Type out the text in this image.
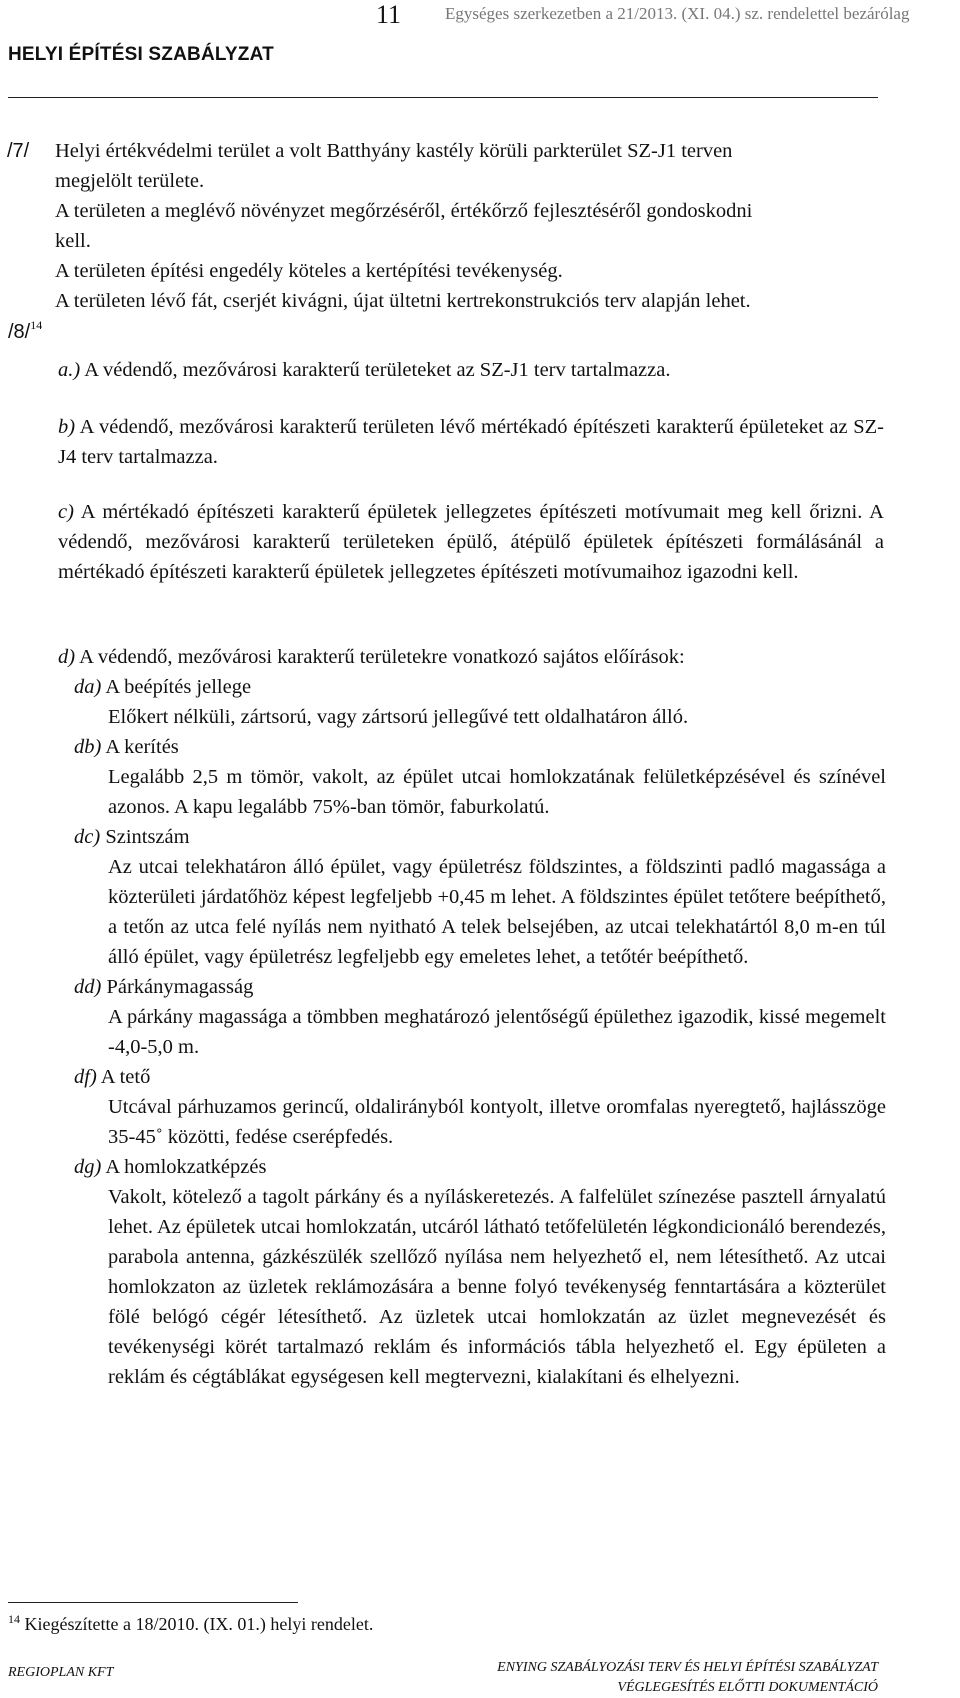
11	Egységes szerkezetben a 21/2013. (XI. 04.) sz. rendelettel bezárólag
HELYI ÉPÍTÉSI SZABÁLYZAT
/7/ Helyi értékvédelmi terület a volt Batthyány kastély körüli parkterület SZ-J1 terven
megjelölt területe.
A területen a meglévő növényzet megőrzéséről, értékőrző fejlesztéséről gondoskodni
kell.
A területen építési engedély köteles a kertépítési tevékenység.
A területen lévő fát, cserjét kivágni, újat ültetni kertrekonstrukciós terv alapján lehet.
/8/$^{14}$
a.) A védendő, mezővárosi karakterű területeket az SZ-J1 terv tartalmazza.
b) A védendő, mezővárosi karakterű területen lévő mértékadó építészeti karakterű épületeket az SZ-J4 terv tartalmazza.
c) A mértékadó építészeti karakterű épületek jellegzetes építészeti motívumait meg kell őrizni. A védendő, mezővárosi karakterű területeken épülő, átépülő épületek építészeti formálásánál a mértékadó építészeti karakterű épületek jellegzetes építészeti motívumaihoz igazodni kell.
d) A védendő, mezővárosi karakterű területekre vonatkozó sajátos előírások:
da) A beépítés jellege
Előkert nélküli, zártsorú, vagy zártsorú jellegűvé tett oldalhatáron álló.
db) A kerítés
Legalább 2,5 m tömör, vakolt, az épület utcai homlokzatának felületképzésével és színével azonos. A kapu legalább 75%-ban tömör, faburkolatú.
dc) Szintszám
Az utcai telekhatáron álló épület, vagy épületrész földszintes, a földszinti padló magassága a közterületi járdatőhöz képest legfeljebb +0,45 m lehet. A földszintes épület tetőtere beépíthető, a tetőn az utca felé nyílás nem nyitható A telek belsejében, az utcai telekhatártól 8,0 m-en túl álló épület, vagy épületrész legfeljebb egy emeletes lehet, a tetőtér beépíthető.
dd) Párkánymagasság
A párkány magassága a tömbben meghatározó jelentőségű épülethez igazodik, kissé megemelt -4,0-5,0 m.
df) A tető
Utcával párhuzamos gerincű, oldalirányból kontyolt, illetve oromfalas nyeregtető, hajlásszöge 35-45˚ közötti, fedése cserépfedés.
dg) A homlokzatképzés
Vakolt, kötelező a tagolt párkány és a nyíláskeretezés. A falfelület színezése pasztell árnyalatú lehet. Az épületek utcai homlokzatán, utcáról látható tetőfelületén légkondicionáló berendezés, parabola antenna, gázkészülék szellőző nyílása nem helyezhető el, nem létesíthető. Az utcai homlokzaton az üzletek reklámozására a benne folyó tevékenység fenntartására a közterület fölé belógó cégér létesíthető. Az üzletek utcai homlokzatán az üzlet megnevezését és tevékenységi körét tartalmazó reklám és információs tábla helyezhető el. Egy épületen a reklám és cégtáblákat egységesen kell megtervezni, kialakítani és elhelyezni.
$^{14}$ Kiegészítette a 18/2010. (IX. 01.) helyi rendelet.
REGIOPLAN KFT	ENYING SZABÁLYOZÁSI TERV ÉS HELYI ÉPÍTÉSI SZABÁLYZAT
VÉGLEGESÍTÉS ELŐTTI DOKUMENTÁCIÓ
